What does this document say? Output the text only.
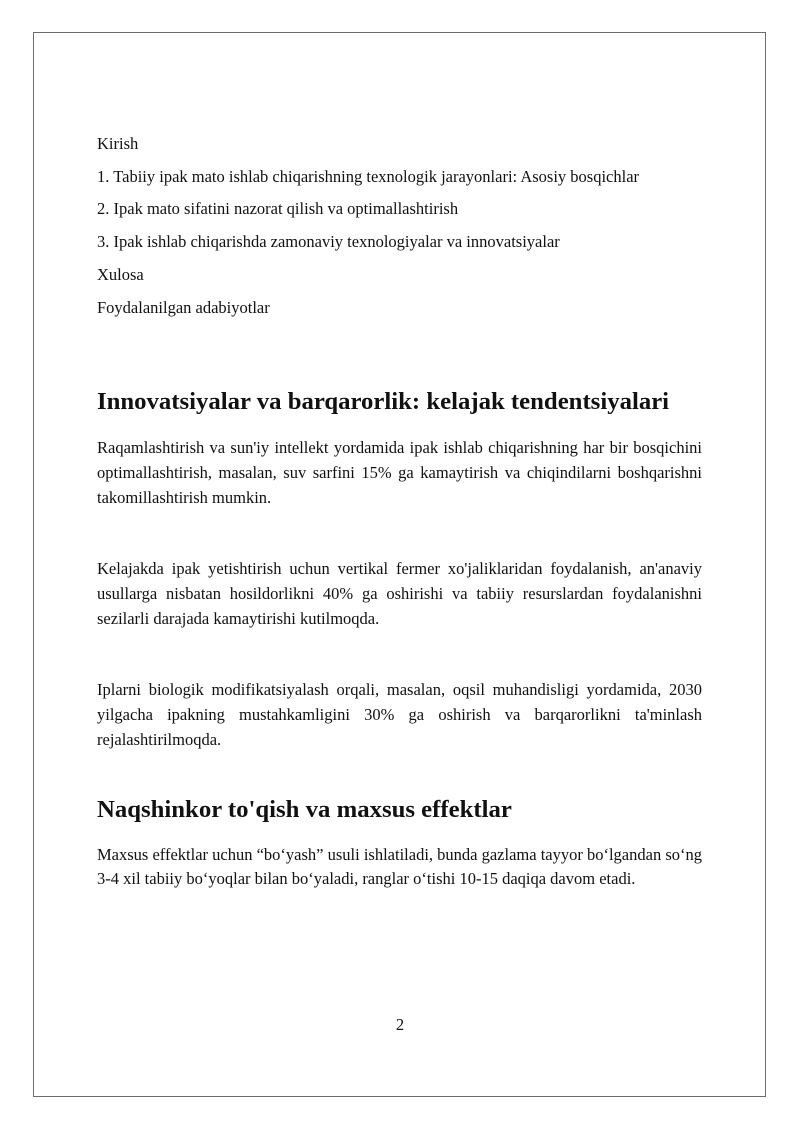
Kirish

1. Tabiiy ipak mato ishlab chiqarishning texnologik jarayonlari: Asosiy bosqichlar

2. Ipak mato sifatini nazorat qilish va optimallashtirish

3. Ipak ishlab chiqarishda zamonaviy texnologiyalar va innovatsiyalar

Xulosa

Foydalanilgan adabiyotlar

Innovatsiyalar va barqarorlik: kelajak tendentsiyalari

Raqamlashtirish va sun'iy intellekt yordamida ipak ishlab chiqarishning har bir bosqichini optimallashtirish, masalan, suv sarfini 15% ga kamaytirish va chiqindilarni boshqarishni takomillashtirish mumkin.

Kelajakda ipak yetishtirish uchun vertikal fermer xo'jaliklaridan foydalanish, an'anaviy usullarga nisbatan hosildorlikni 40% ga oshirishi va tabiiy resurslardan foydalanishni sezilarli darajada kamaytirishi kutilmoqda.

Iplarni biologik modifikatsiyalash orqali, masalan, oqsil muhandisligi yordamida, 2030 yilgacha ipakning mustahkamligini 30% ga oshirish va barqarorlikni ta'minlash rejalashtirilmoqda.

Naqshinkor to'qish va maxsus effektlar

Maxsus effektlar uchun “bo‘yash” usuli ishlatiladi, bunda gazlama tayyor bo‘lgandan so‘ng 3-4 xil tabiiy bo‘yoqlar bilan bo‘yaladi, ranglar o‘tishi 10-15 daqiqa davom etadi.

2
